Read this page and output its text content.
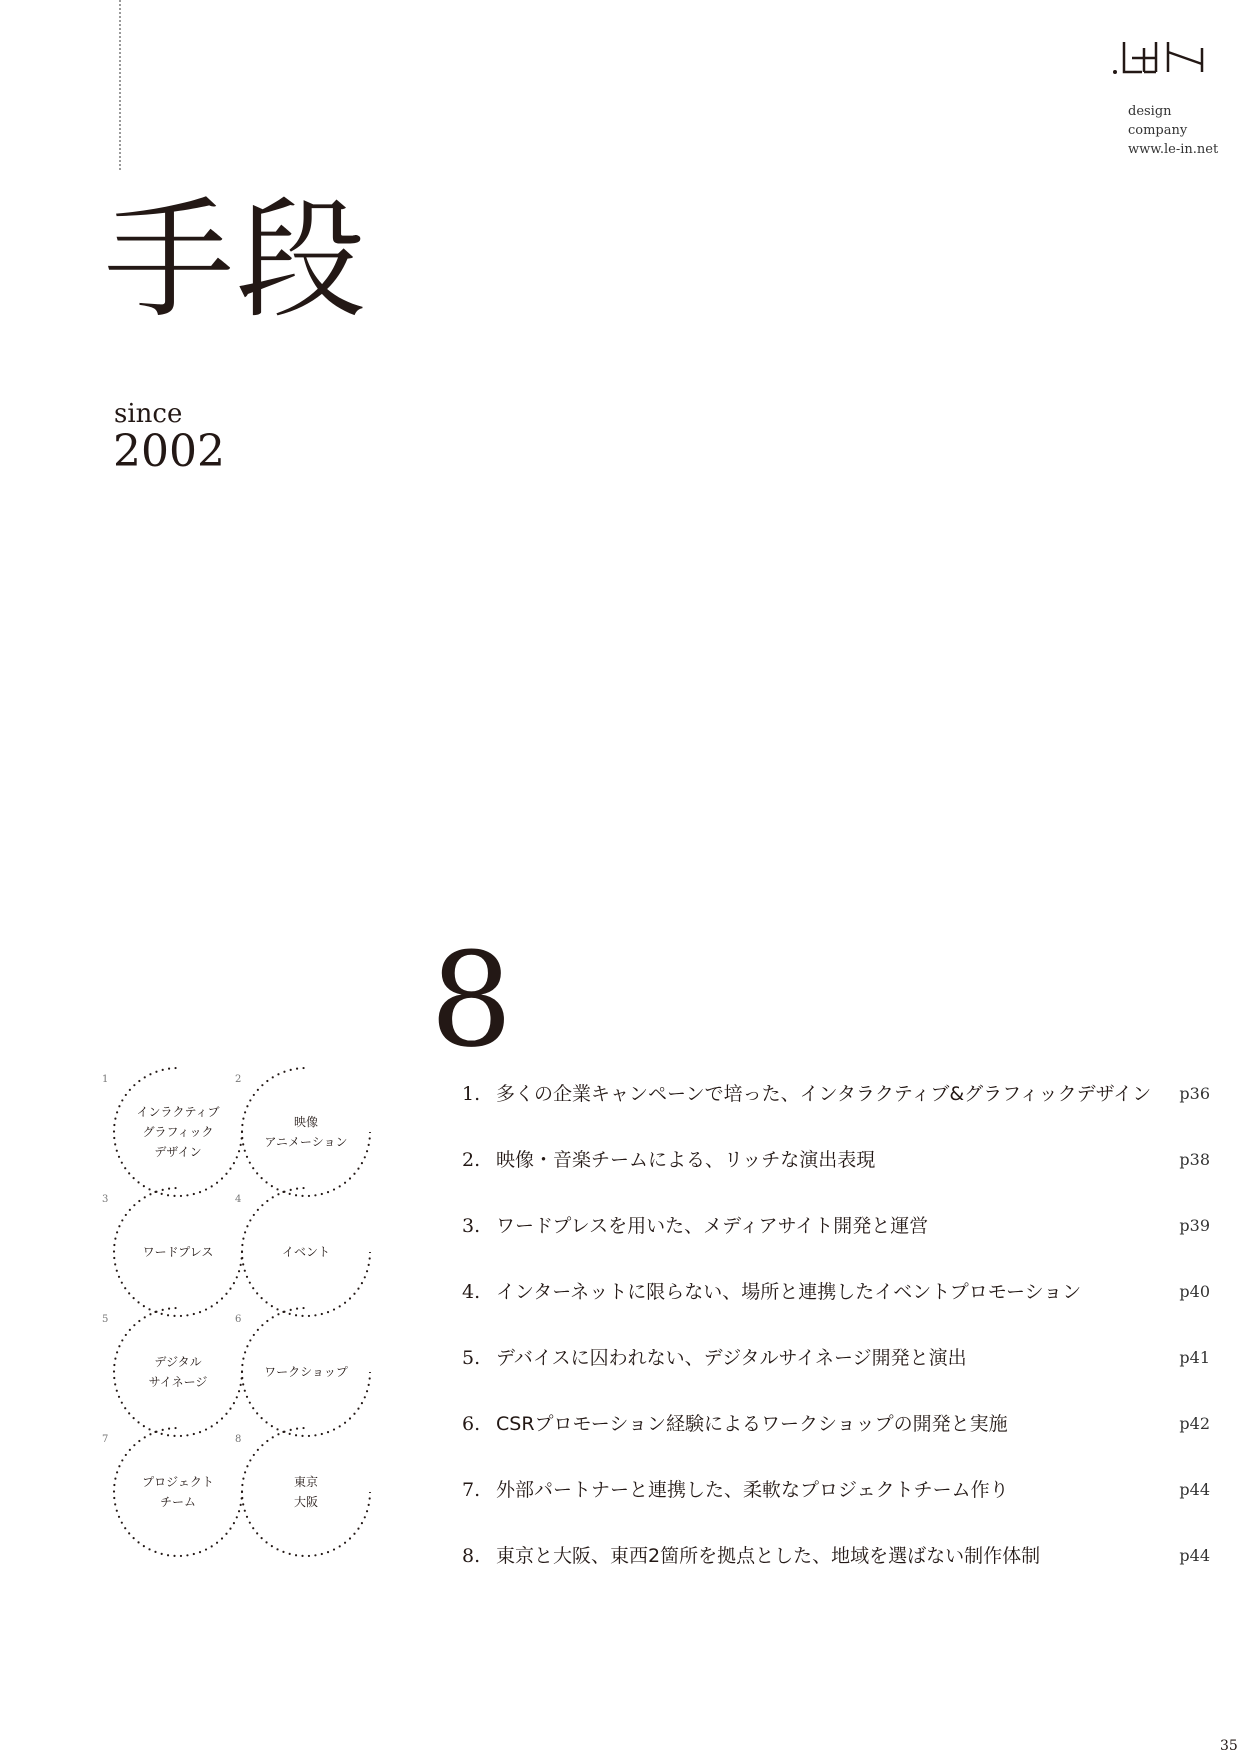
design
company
www.le-in.net
手段
since
2002
8
1
インラクティブ
グラフィック
デザイン
2
映像
アニメーション
3
ワードプレス
4
イベント
5
デジタル
サイネージ
6
ワークショップ
7
プロジェクト
チーム
8
東京
大阪
1. 多くの企業キャンペーンで培った、インタラクティブ&グラフィックデザイン p36
2. 映像・音楽チームによる、リッチな演出表現	p38
3. ワードプレスを用いた、メディアサイト開発と運営	p39
4. インターネットに限らない、場所と連携したイベントプロモーション	p40
5. デバイスに囚われない、デジタルサイネージ開発と演出	p41
6. CSRプロモーション経験によるワークショップの開発と実施	p42
7. 外部パートナーと連携した、柔軟なプロジェクトチーム作り	p44
8. 東京と大阪、東西2箇所を拠点とした、地域を選ばない制作体制	p44
35
